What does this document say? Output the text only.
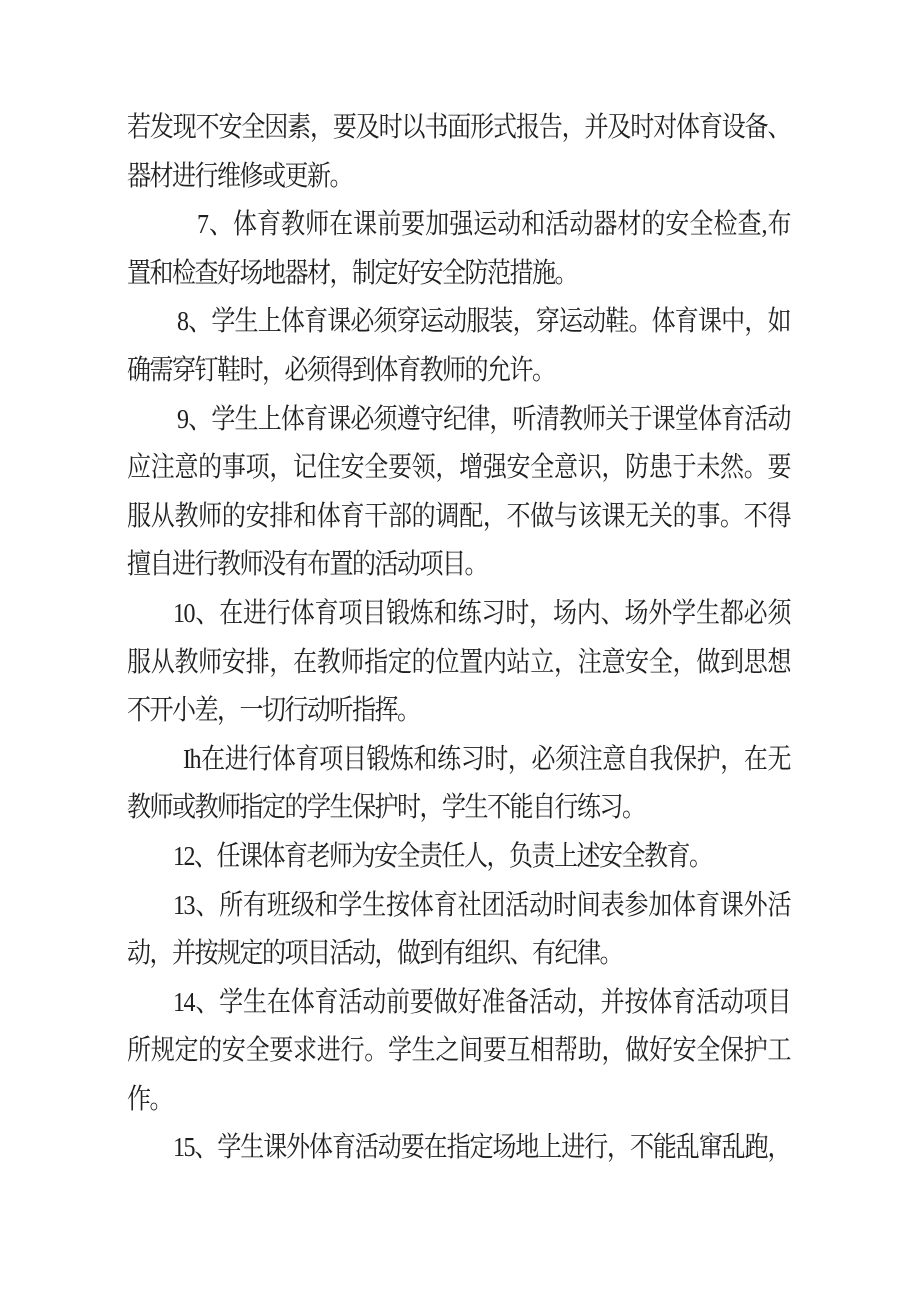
若发现不安全因素，要及时以书面形式报告，并及时对体育设备、
器材进行维修或更新。
7、体育教师在课前要加强运动和活动器材的安全检查,布
置和检查好场地器材，制定好安全防范措施。
8、学生上体育课必须穿运动服装，穿运动鞋。体育课中，如
确需穿钉鞋时，必须得到体育教师的允许。
9、学生上体育课必须遵守纪律，听清教师关于课堂体育活动
应注意的事项，记住安全要领，增强安全意识，防患于未然。要
服从教师的安排和体育干部的调配，不做与该课无关的事。不得
擅自进行教师没有布置的活动项目。
10、在进行体育项目锻炼和练习时，场内、场外学生都必须
服从教师安排，在教师指定的位置内站立，注意安全，做到思想
不开小差，一切行动听指挥。
Ih在进行体育项目锻炼和练习时，必须注意自我保护，在无
教师或教师指定的学生保护时，学生不能自行练习。
12、任课体育老师为安全责任人，负责上述安全教育。
13、所有班级和学生按体育社团活动时间表参加体育课外活
动，并按规定的项目活动，做到有组织、有纪律。
14、学生在体育活动前要做好准备活动，并按体育活动项目
所规定的安全要求进行。学生之间要互相帮助，做好安全保护工
作。
15、学生课外体育活动要在指定场地上进行，不能乱窜乱跑，
